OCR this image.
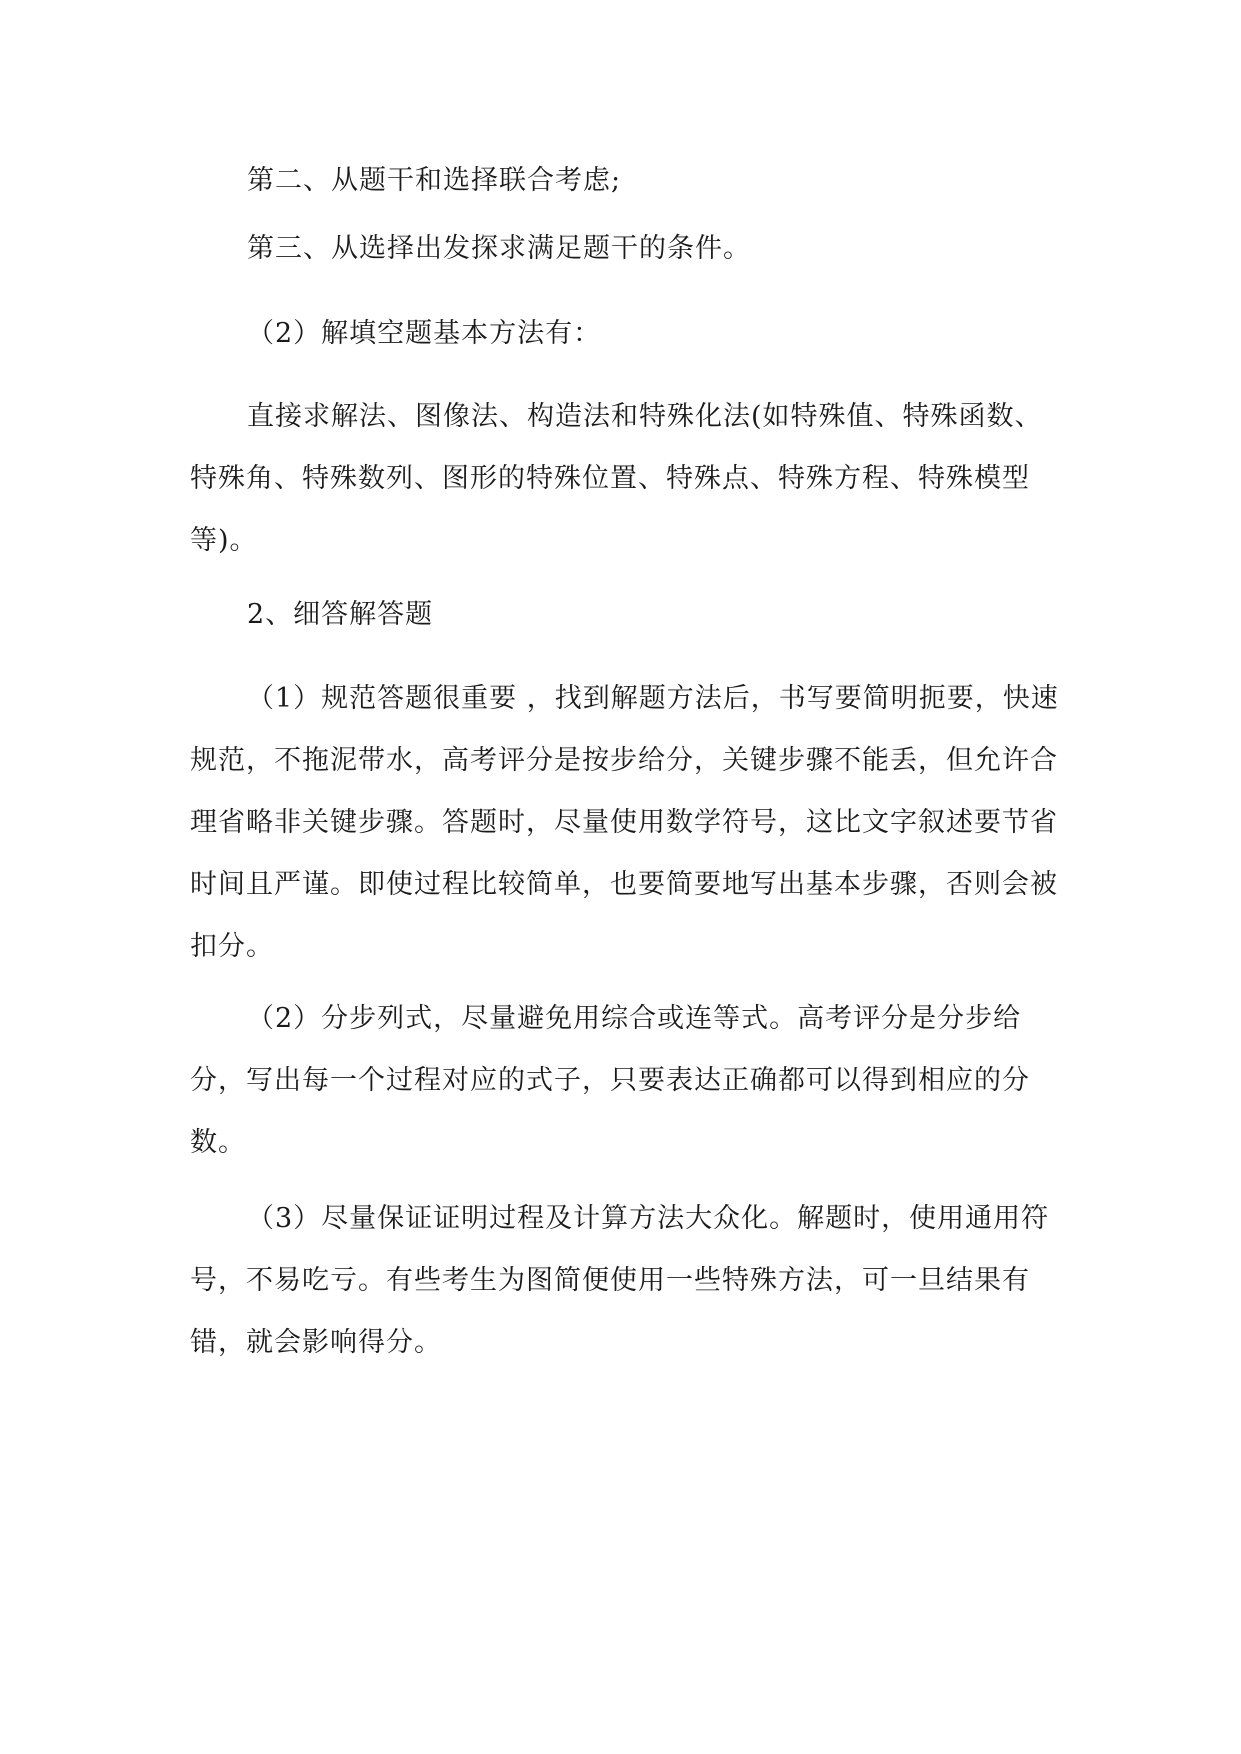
第二、从题干和选择联合考虑;

第三、从选择出发探求满足题干的条件。

（2）解填空题基本方法有：

直接求解法、图像法、构造法和特殊化法(如特殊值、特殊函数、特殊角、特殊数列、图形的特殊位置、特殊点、特殊方程、特殊模型等)。

2、细答解答题

（1）规范答题很重要 ，找到解题方法后，书写要简明扼要，快速规范，不拖泥带水，高考评分是按步给分，关键步骤不能丢，但允许合理省略非关键步骤。答题时，尽量使用数学符号，这比文字叙述要节省时间且严谨。即使过程比较简单，也要简要地写出基本步骤，否则会被扣分。

（2）分步列式，尽量避免用综合或连等式。高考评分是分步给分，写出每一个过程对应的式子，只要表达正确都可以得到相应的分数。

（3）尽量保证证明过程及计算方法大众化。解题时，使用通用符号，不易吃亏。有些考生为图简便使用一些特殊方法，可一旦结果有错，就会影响得分。
